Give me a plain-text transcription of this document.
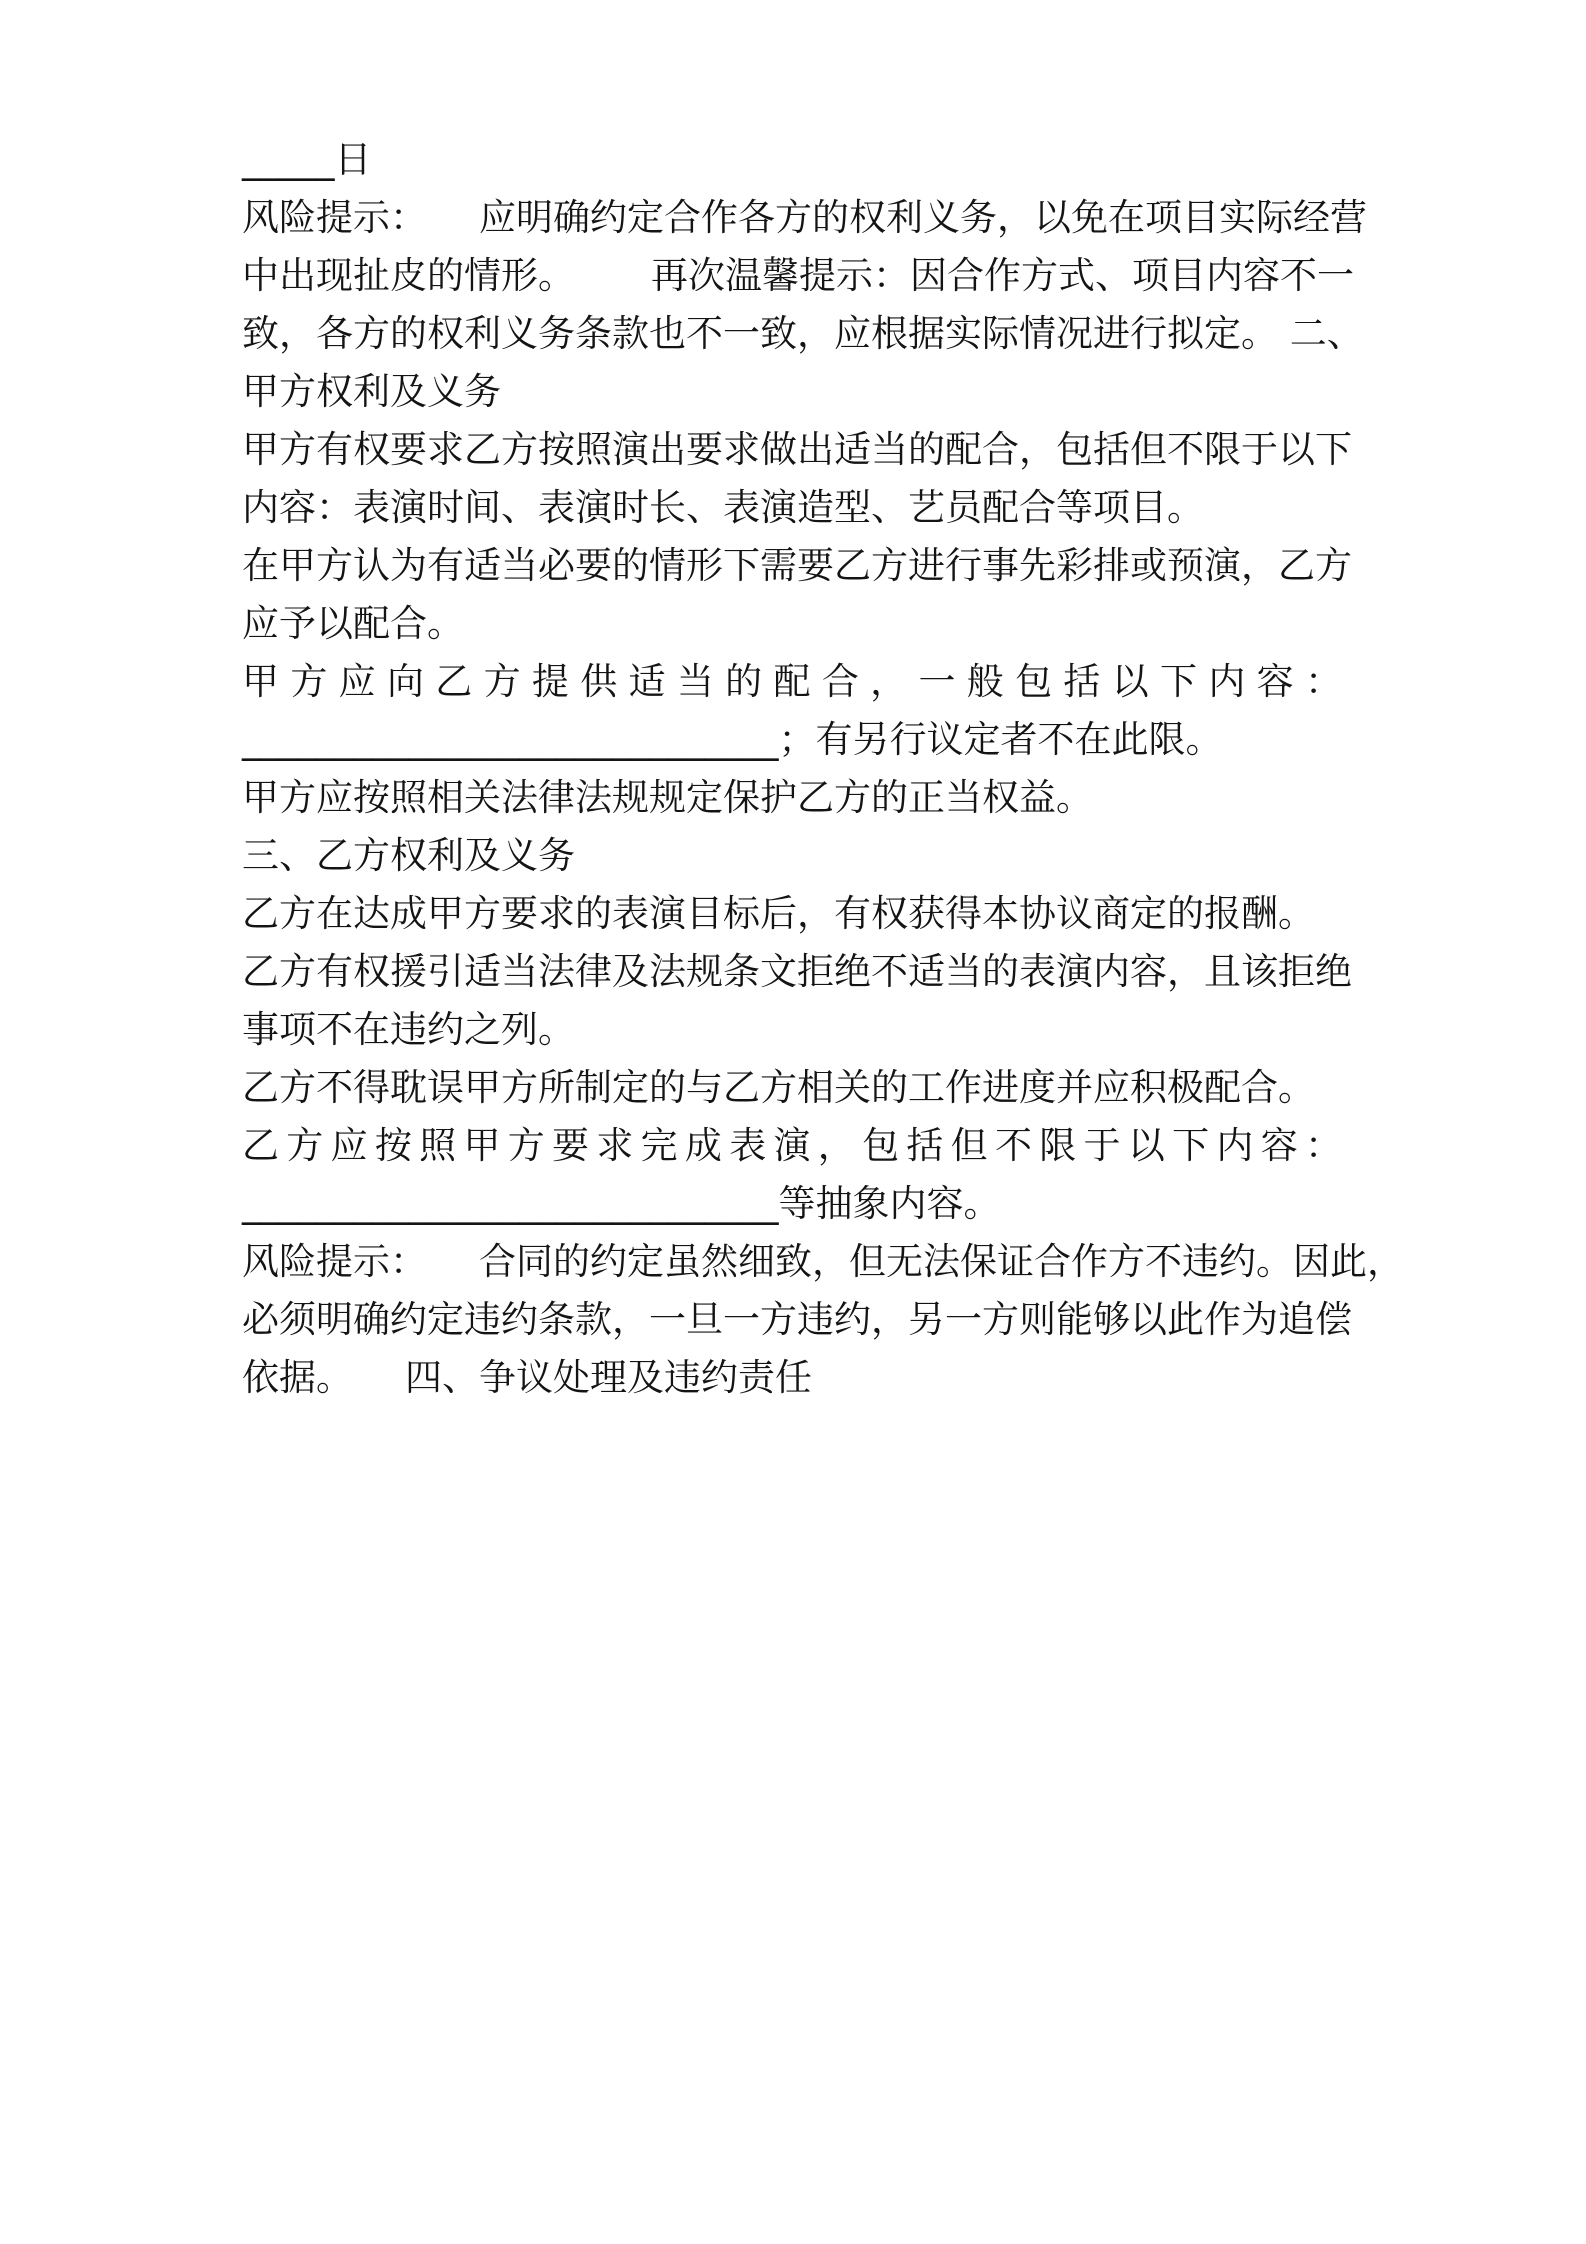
_____日
风险提示： 应明确约定合作各方的权利义务，以免在项目实际经营
中出现扯皮的情形。 再次温馨提示：因合作方式、项目内容不一
致，各方的权利义务条款也不一致，应根据实际情况进行拟定。 二、
甲方权利及义务
甲方有权要求乙方按照演出要求做出适当的配合，包括但不限于以下
内容：表演时间、表演时长、表演造型、艺员配合等项目。
在甲方认为有适当必要的情形下需要乙方进行事先彩排或预演，乙方
应予以配合。
甲方应向乙方提供适当的配合，一般包括以下内容：
_____________________________；有另行议定者不在此限。
甲方应按照相关法律法规规定保护乙方的正当权益。
三、乙方权利及义务
乙方在达成甲方要求的表演目标后，有权获得本协议商定的报酬。
乙方有权援引适当法律及法规条文拒绝不适当的表演内容，且该拒绝
事项不在违约之列。
乙方不得耽误甲方所制定的与乙方相关的工作进度并应积极配合。
乙方应按照甲方要求完成表演，包括但不限于以下内容：
_____________________________等抽象内容。
风险提示： 合同的约定虽然细致，但无法保证合作方不违约。因此，
必须明确约定违约条款，一旦一方违约，另一方则能够以此作为追偿
依据。 四、争议处理及违约责任
